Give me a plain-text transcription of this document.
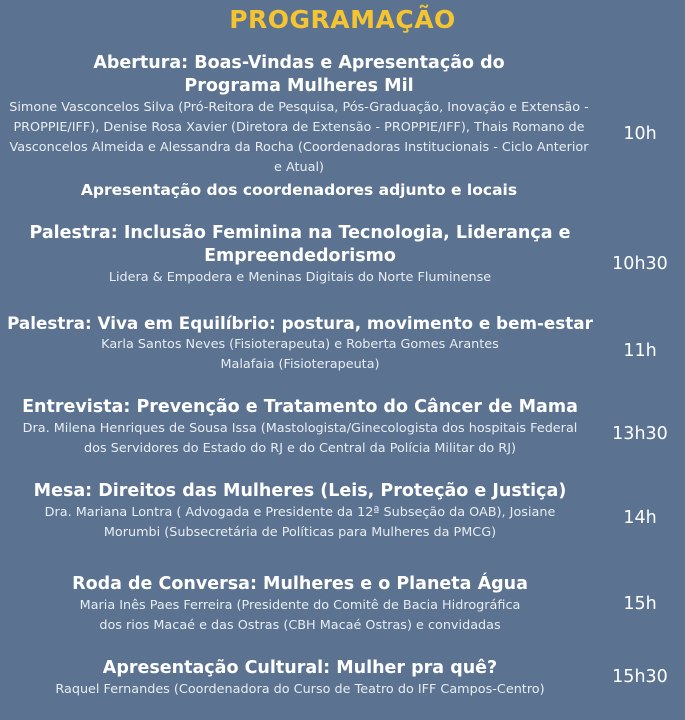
PROGRAMAÇÃO
Abertura: Boas-Vindas e Apresentação do Programa Mulheres Mil
Simone Vasconcelos Silva (Pró-Reitora de Pesquisa, Pós-Graduação, Inovação e Extensão - PROPPIE/IFF), Denise Rosa Xavier (Diretora de Extensão - PROPPIE/IFF), Thais Romano de Vasconcelos Almeida e Alessandra da Rocha (Coordenadoras Institucionais - Ciclo Anterior e Atual)
Apresentação dos coordenadores adjunto e locais
10h
Palestra: Inclusão Feminina na Tecnologia, Liderança e Empreendedorismo
Lidera & Empodera e Meninas Digitais do Norte Fluminense
10h30
Palestra: Viva em Equilíbrio: postura, movimento e bem-estar
Karla Santos Neves (Fisioterapeuta) e Roberta Gomes Arantes Malafaia (Fisioterapeuta)
11h
Entrevista: Prevenção e Tratamento do Câncer de Mama
Dra. Milena Henriques de Sousa Issa (Mastologista/Ginecologista dos hospitais Federal dos Servidores do Estado do RJ e do Central da Polícia Militar do RJ)
13h30
Mesa: Direitos das Mulheres (Leis, Proteção e Justiça)
Dra. Mariana Lontra ( Advogada e Presidente da 12ª Subseção da OAB), Josiane Morumbi (Subsecretária de Políticas para Mulheres da PMCG)
14h
Roda de Conversa: Mulheres e o Planeta Água
Maria Inês Paes Ferreira (Presidente do Comitê de Bacia Hidrográfica dos rios Macaé e das Ostras (CBH Macaé Ostras) e convidadas
15h
Apresentação Cultural: Mulher pra quê?
Raquel Fernandes (Coordenadora do Curso de Teatro do IFF Campos-Centro)
15h30
